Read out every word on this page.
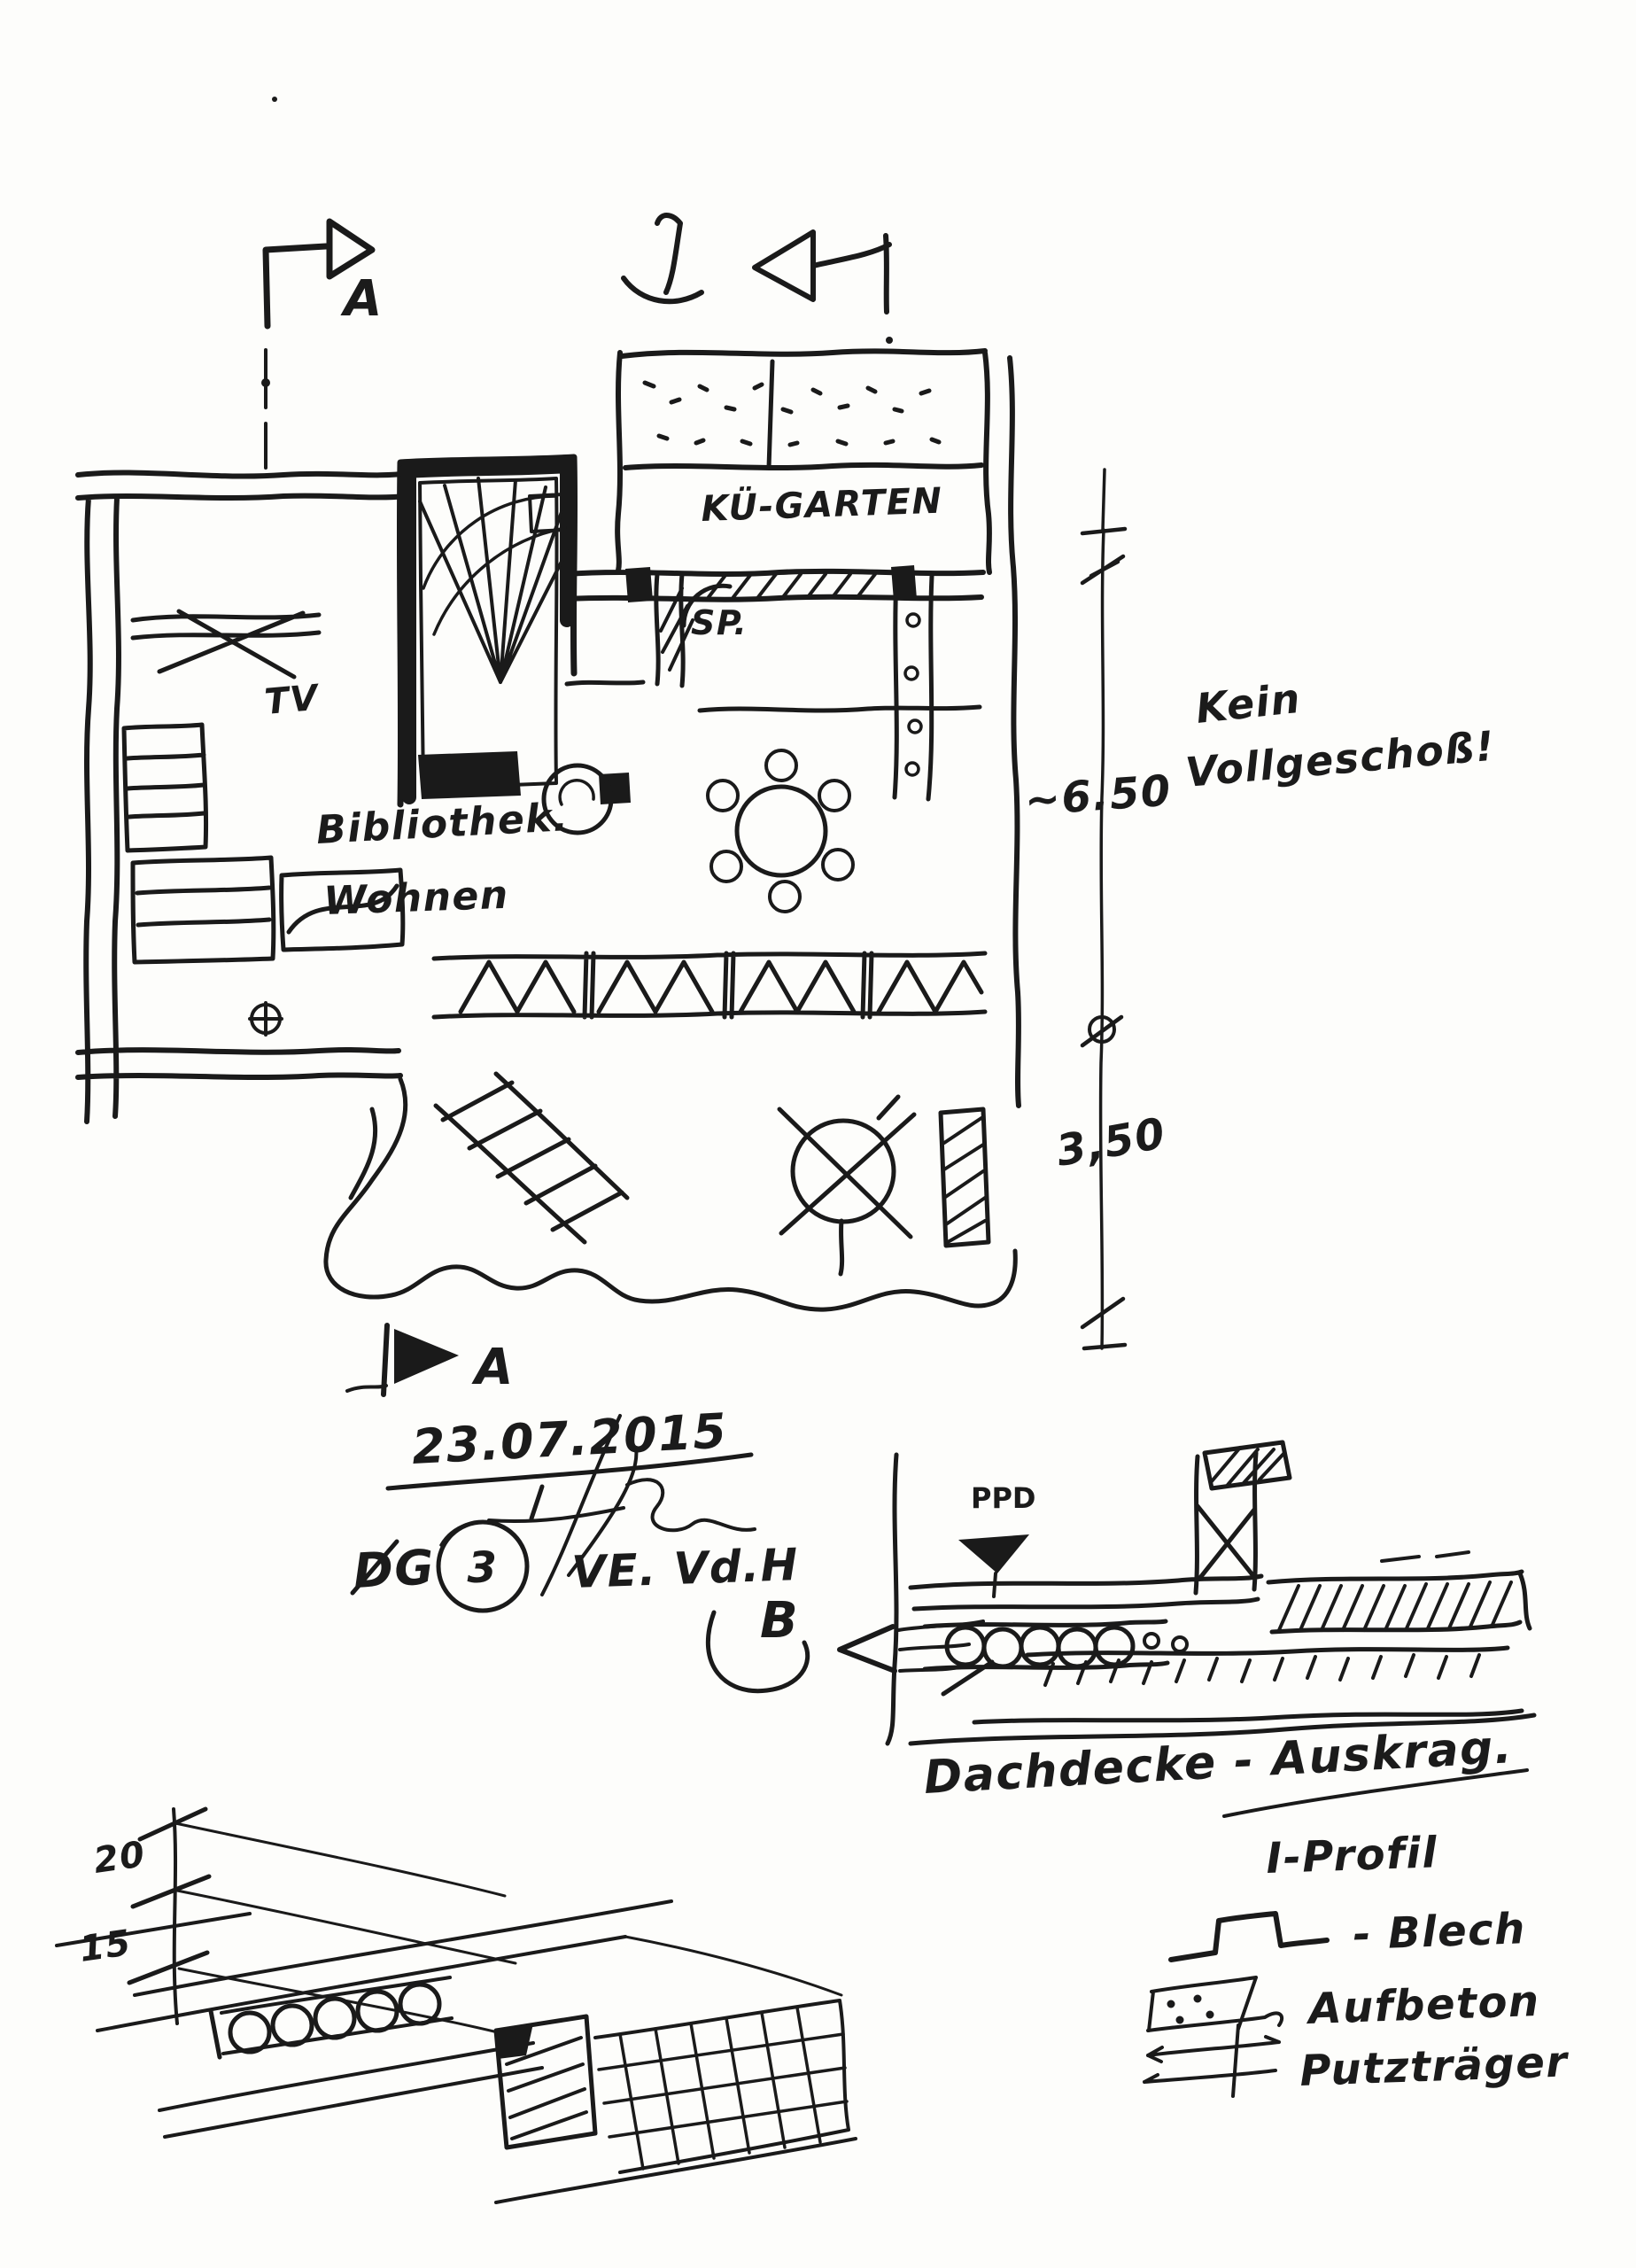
A
KÜ-GARTEN
SP.
TV
Bibliothek.
Wohnen
Kein
Vollgeschoß!
~6.50
3,50
A
23.07.2015
DG 3 VE. Vd.H
B
PPD
Dachdecke - Auskrag.
I-Profil
- Blech
Aufbeton
Putzträger
20
15
